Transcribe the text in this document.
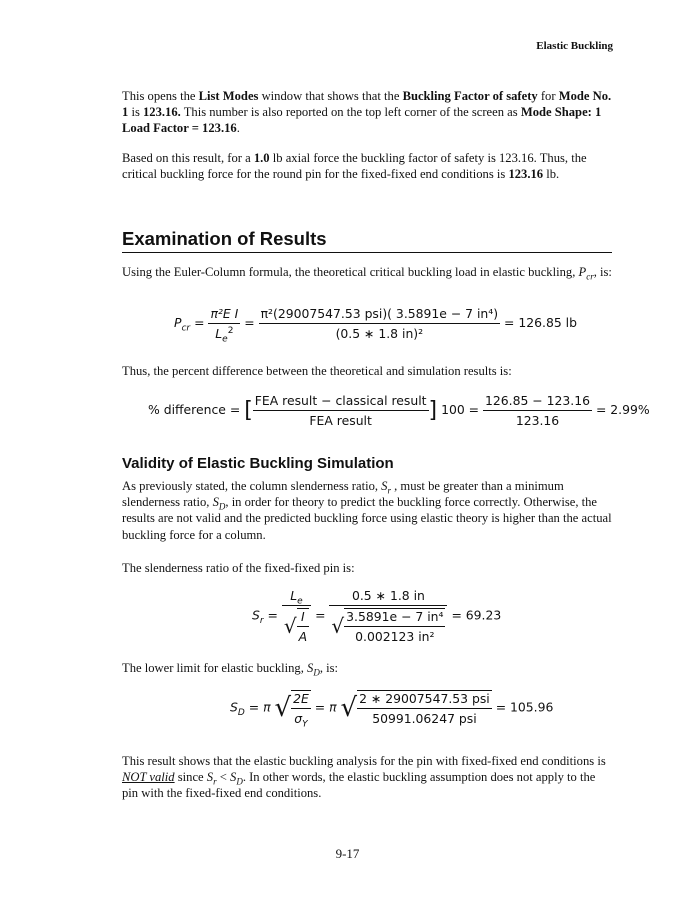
Elastic Buckling
This opens the List Modes window that shows that the Buckling Factor of safety for Mode No. 1 is 123.16. This number is also reported on the top left corner of the screen as Mode Shape: 1 Load Factor = 123.16.
Based on this result, for a 1.0 lb axial force the buckling factor of safety is 123.16. Thus, the critical buckling force for the round pin for the fixed-fixed end conditions is 123.16 lb.
Examination of Results
Using the Euler-Column formula, the theoretical critical buckling load in elastic buckling, $P_{cr}$, is:
$P_{cr} = \frac{\text{π²E I}}{L_e^2} = \frac{\text{π²(29007547.53 psi)( 3.5891e − 7 in⁴)}}{\text{(0.5 ∗ 1.8 in)²}} = 126.85$ lb
Thus, the percent difference between the theoretical and simulation results is:
% difference = [ $\frac{\text{FEA result − classical result}}{\text{FEA result}}$ ] $100 = \frac{126.85 - 123.16}{123.16} = 2.99\%$
Validity of Elastic Buckling Simulation
As previously stated, the column slenderness ratio, $S_r$ , must be greater than a minimum slenderness ratio, $S_D$, in order for theory to predict the buckling force correctly. Otherwise, the results are not valid and the predicted buckling force using elastic theory is higher than the actual buckling force for a column.
The slenderness ratio of the fixed-fixed pin is:
$S_r = \frac{L_e}{√ \frac{I}{A}} = \frac{0.5 ∗ 1.8 in}{√ \frac{\text{3.5891e − 7 in⁴}}{\text{0.002123 in²}}} = 69.23$
The lower limit for elastic buckling, $S_D$, is:
$S_D = \pi$ √ $\frac{2E}{\sigma_Y} = \pi$ √ $\frac{\text{2 ∗ 29007547.53 psi}}{\text{50991.06247 psi}} = 105.96$
This result shows that the elastic buckling analysis for the pin with fixed-fixed end conditions is NOT valid since $S_r < S_D$. In other words, the elastic buckling assumption does not apply to the pin with the fixed-fixed end conditions.
9-17
